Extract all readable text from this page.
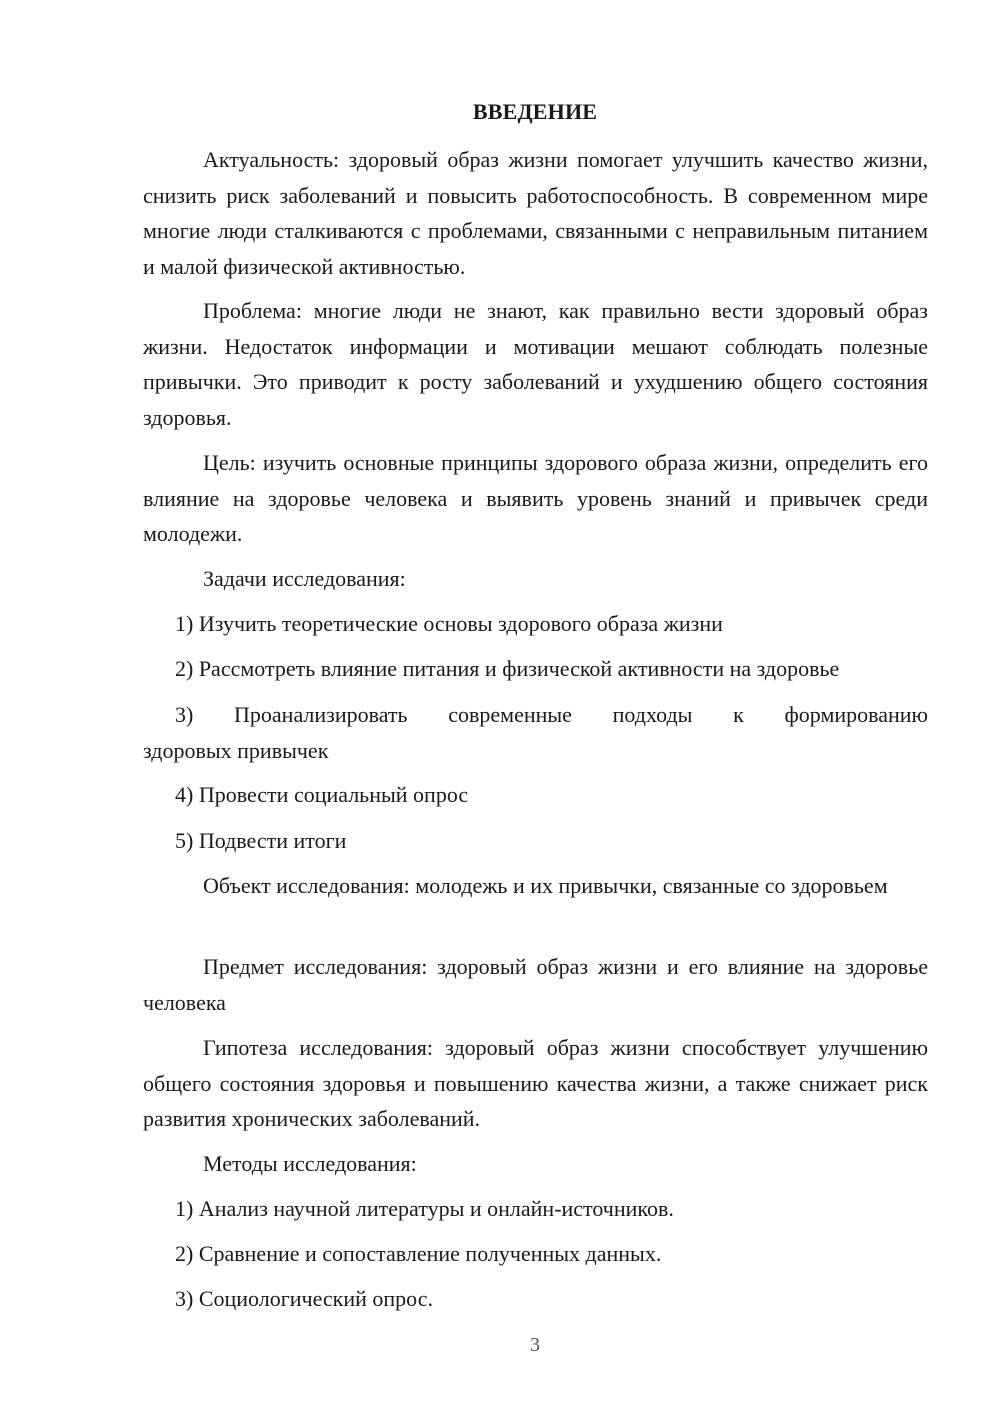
ВВЕДЕНИЕ

Актуальность: здоровый образ жизни помогает улучшить качество жизни, снизить риск заболеваний и повысить работоспособность. В современном мире многие люди сталкиваются с проблемами, связанными с неправильным питанием и малой физической активностью.

Проблема: многие люди не знают, как правильно вести здоровый образ жизни. Недостаток информации и мотивации мешают соблюдать полезные привычки. Это приводит к росту заболеваний и ухудшению общего состояния здоровья.

Цель: изучить основные принципы здорового образа жизни, определить его влияние на здоровье человека и выявить уровень знаний и привычек среди молодежи.

Задачи исследования:

1) Изучить теоретические основы здорового образа жизни

2) Рассмотреть влияние питания и физической активности на здоровье

3) Проанализировать современные подходы к формированию
здоровых привычек

4) Провести социальный опрос

5) Подвести итоги

Объект исследования: молодежь и их привычки, связанные со здоровьем

Предмет исследования: здоровый образ жизни и его влияние на здоровье человека

Гипотеза исследования: здоровый образ жизни способствует улучшению общего состояния здоровья и повышению качества жизни, а также снижает риск развития хронических заболеваний.

Методы исследования:

1) Анализ научной литературы и онлайн-источников.

2) Сравнение и сопоставление полученных данных.

3) Социологический опрос.

3
